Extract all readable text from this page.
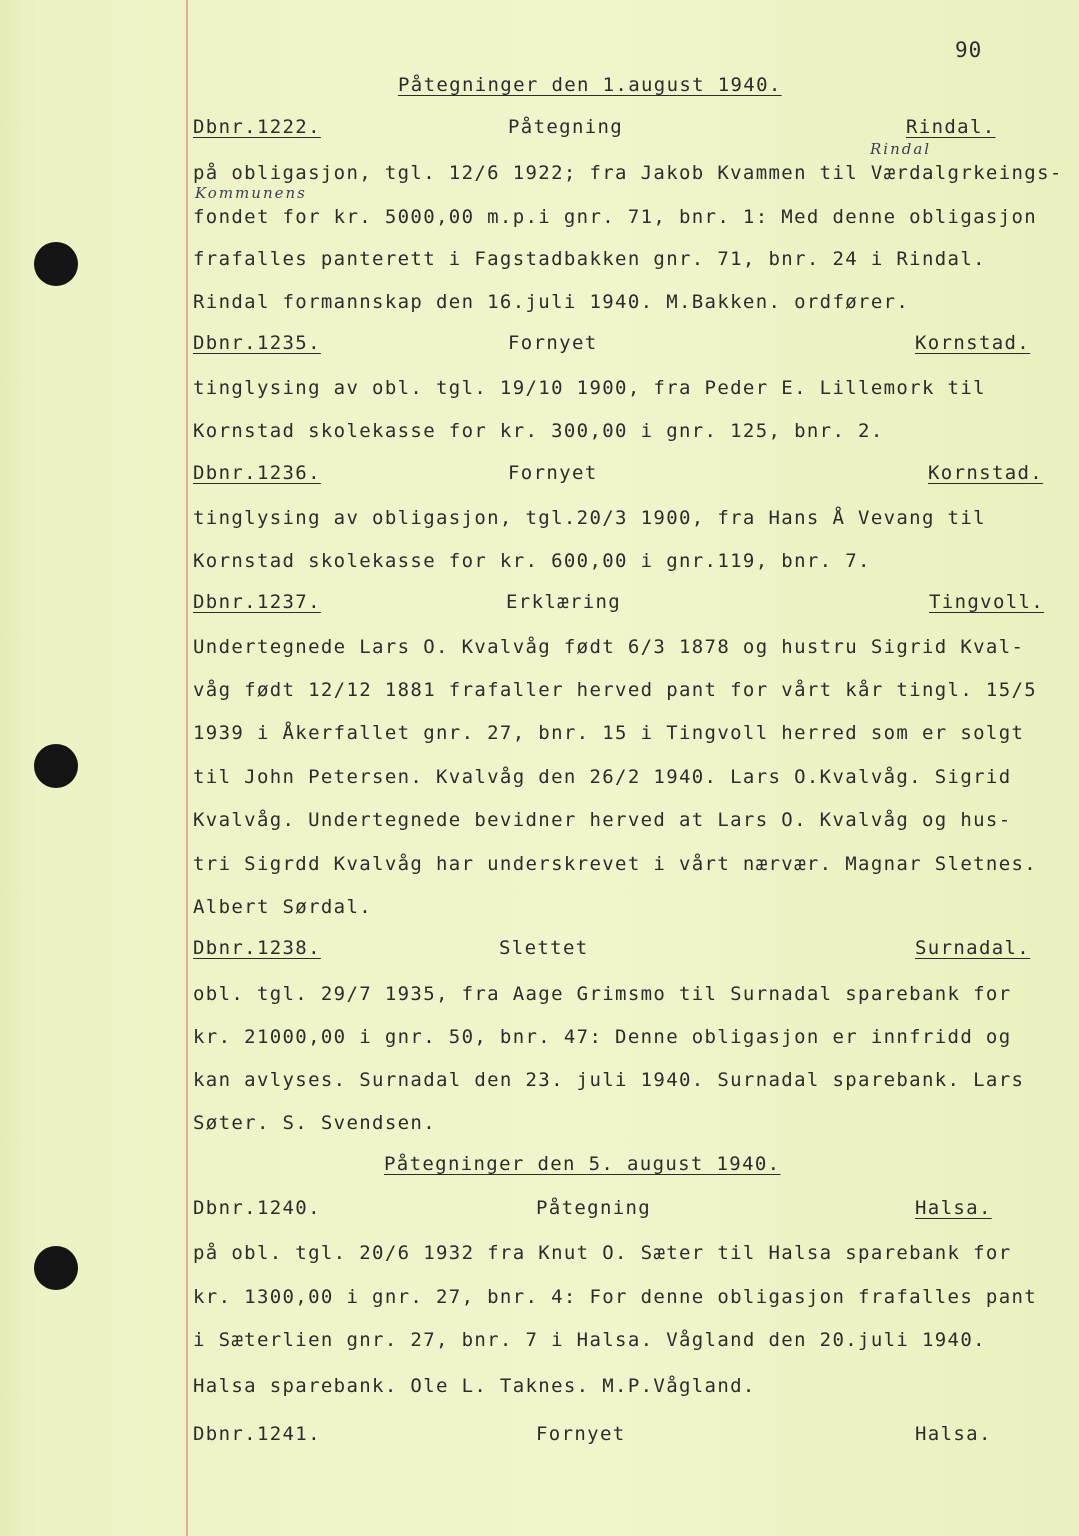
90
Påtegninger den 1.august 1940.
Dbnr.1222.	Påtegning	Rindal.
Rindal
på obligasjon, tgl. 12/6 1922; fra Jakob Kvammen til Værdalgrkeings-
Kommunens
fondet for kr. 5000,00 m.p.i gnr. 71, bnr. 1: Med denne obligasjon
frafalles panterett i Fagstadbakken gnr. 71, bnr. 24 i Rindal.
Rindal formannskap den 16.juli 1940. M.Bakken. ordfører.
Dbnr.1235.	Fornyet	Kornstad.
tinglysing av obl. tgl. 19/10 1900, fra Peder E. Lillemork til
Kornstad skolekasse for kr. 300,00 i gnr. 125, bnr. 2.
Dbnr.1236.	Fornyet	Kornstad.
tinglysing av obligasjon, tgl.20/3 1900, fra Hans Å Vevang til
Kornstad skolekasse for kr. 600,00 i gnr.119, bnr. 7.
Dbnr.1237.	Erklæring	Tingvoll.
Undertegnede Lars O. Kvalvåg født 6/3 1878 og hustru Sigrid Kval-
våg født 12/12 1881 frafaller herved pant for vårt kår tingl. 15/5
1939 i Åkerfallet gnr. 27, bnr. 15 i Tingvoll herred som er solgt
til John Petersen. Kvalvåg den 26/2 1940. Lars O.Kvalvåg. Sigrid
Kvalvåg. Undertegnede bevidner herved at Lars O. Kvalvåg og hus-
tri Sigrdd Kvalvåg har underskrevet i vårt nærvær. Magnar Sletnes.
Albert Sørdal.
Dbnr.1238.	Slettet	Surnadal.
obl. tgl. 29/7 1935, fra Aage Grimsmo til Surnadal sparebank for
kr. 21000,00 i gnr. 50, bnr. 47: Denne obligasjon er innfridd og
kan avlyses. Surnadal den 23. juli 1940. Surnadal sparebank. Lars
Søter. S. Svendsen.
Påtegninger den 5. august 1940.
Dbnr.1240.	Påtegning	Halsa.
på obl. tgl. 20/6 1932 fra Knut O. Sæter til Halsa sparebank for
kr. 1300,00 i gnr. 27, bnr. 4: For denne obligasjon frafalles pant
i Sæterlien gnr. 27, bnr. 7 i Halsa. Vågland den 20.juli 1940.
Halsa sparebank. Ole L. Taknes. M.P.Vågland.
Dbnr.1241.	Fornyet	Halsa.
